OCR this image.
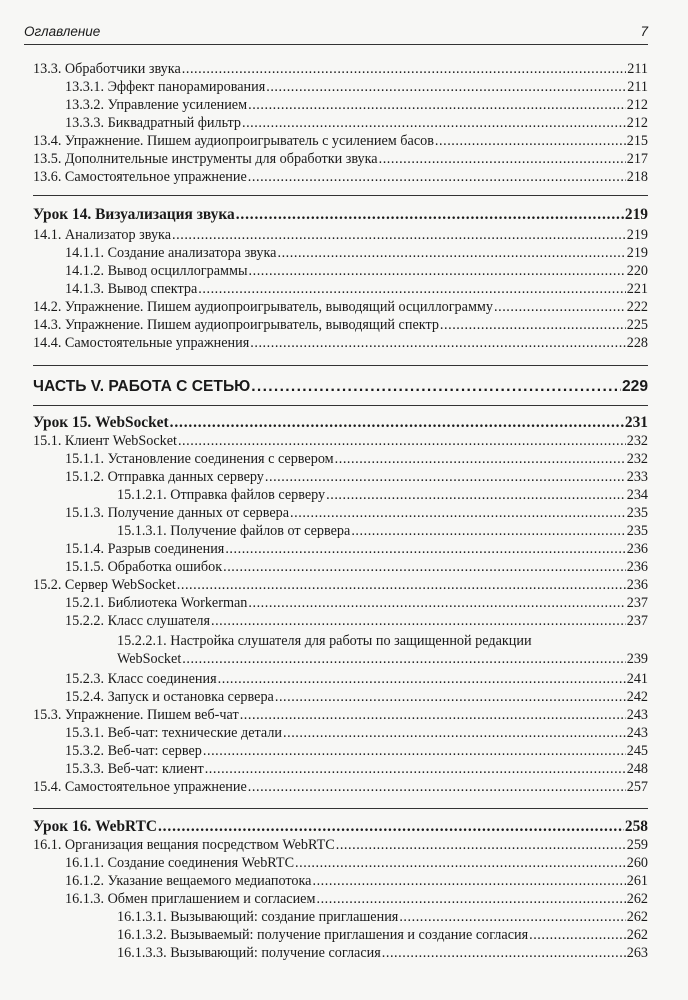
Оглавление	7
13.3. Обработчики звука . . .	211
13.3.1. Эффект панорамирования . . .	211
13.3.2. Управление усилением . . .	212
13.3.3. Биквадратный фильтр . . .	212
13.4. Упражнение. Пишем аудиопроигрыватель с усилением басов . . .	215
13.5. Дополнительные инструменты для обработки звука . . .	217
13.6. Самостоятельное упражнение . . .	218
Урок 14. Визуализация звука . . .	219
14.1. Анализатор звука . . .	219
14.1.1. Создание анализатора звука . . .	219
14.1.2. Вывод осциллограммы . . .	220
14.1.3. Вывод спектра . . .	221
14.2. Упражнение. Пишем аудиопроигрыватель, выводящий осциллограмму . . .	222
14.3. Упражнение. Пишем аудиопроигрыватель, выводящий спектр . . .	225
14.4. Самостоятельные упражнения . . .	228
ЧАСТЬ V. РАБОТА С СЕТЬЮ . . .	229
Урок 15. WebSocket . . .	231
15.1. Клиент WebSocket . . .	232
15.1.1. Установление соединения с сервером . . .	232
15.1.2. Отправка данных серверу . . .	233
15.1.2.1. Отправка файлов серверу . . .	234
15.1.3. Получение данных от сервера . . .	235
15.1.3.1. Получение файлов от сервера . . .	235
15.1.4. Разрыв соединения . . .	236
15.1.5. Обработка ошибок . . .	236
15.2. Сервер WebSocket . . .	236
15.2.1. Библиотека Workerman . . .	237
15.2.2. Класс слушателя . . .	237
15.2.2.1. Настройка слушателя для работы по защищенной редакции
WebSocket . . .	239
15.2.3. Класс соединения . . .	241
15.2.4. Запуск и остановка сервера . . .	242
15.3. Упражнение. Пишем веб-чат . . .	243
15.3.1. Веб-чат: технические детали . . .	243
15.3.2. Веб-чат: сервер . . .	245
15.3.3. Веб-чат: клиент . . .	248
15.4. Самостоятельное упражнение . . .	257
Урок 16. WebRTC . . .	258
16.1. Организация вещания посредством WebRTC . . .	259
16.1.1. Создание соединения WebRTC . . .	260
16.1.2. Указание вещаемого медиапотока . . .	261
16.1.3. Обмен приглашением и согласием . . .	262
16.1.3.1. Вызывающий: создание приглашения . . .	262
16.1.3.2. Вызываемый: получение приглашения и создание согласия . . .	262
16.1.3.3. Вызывающий: получение согласия . . .	263
